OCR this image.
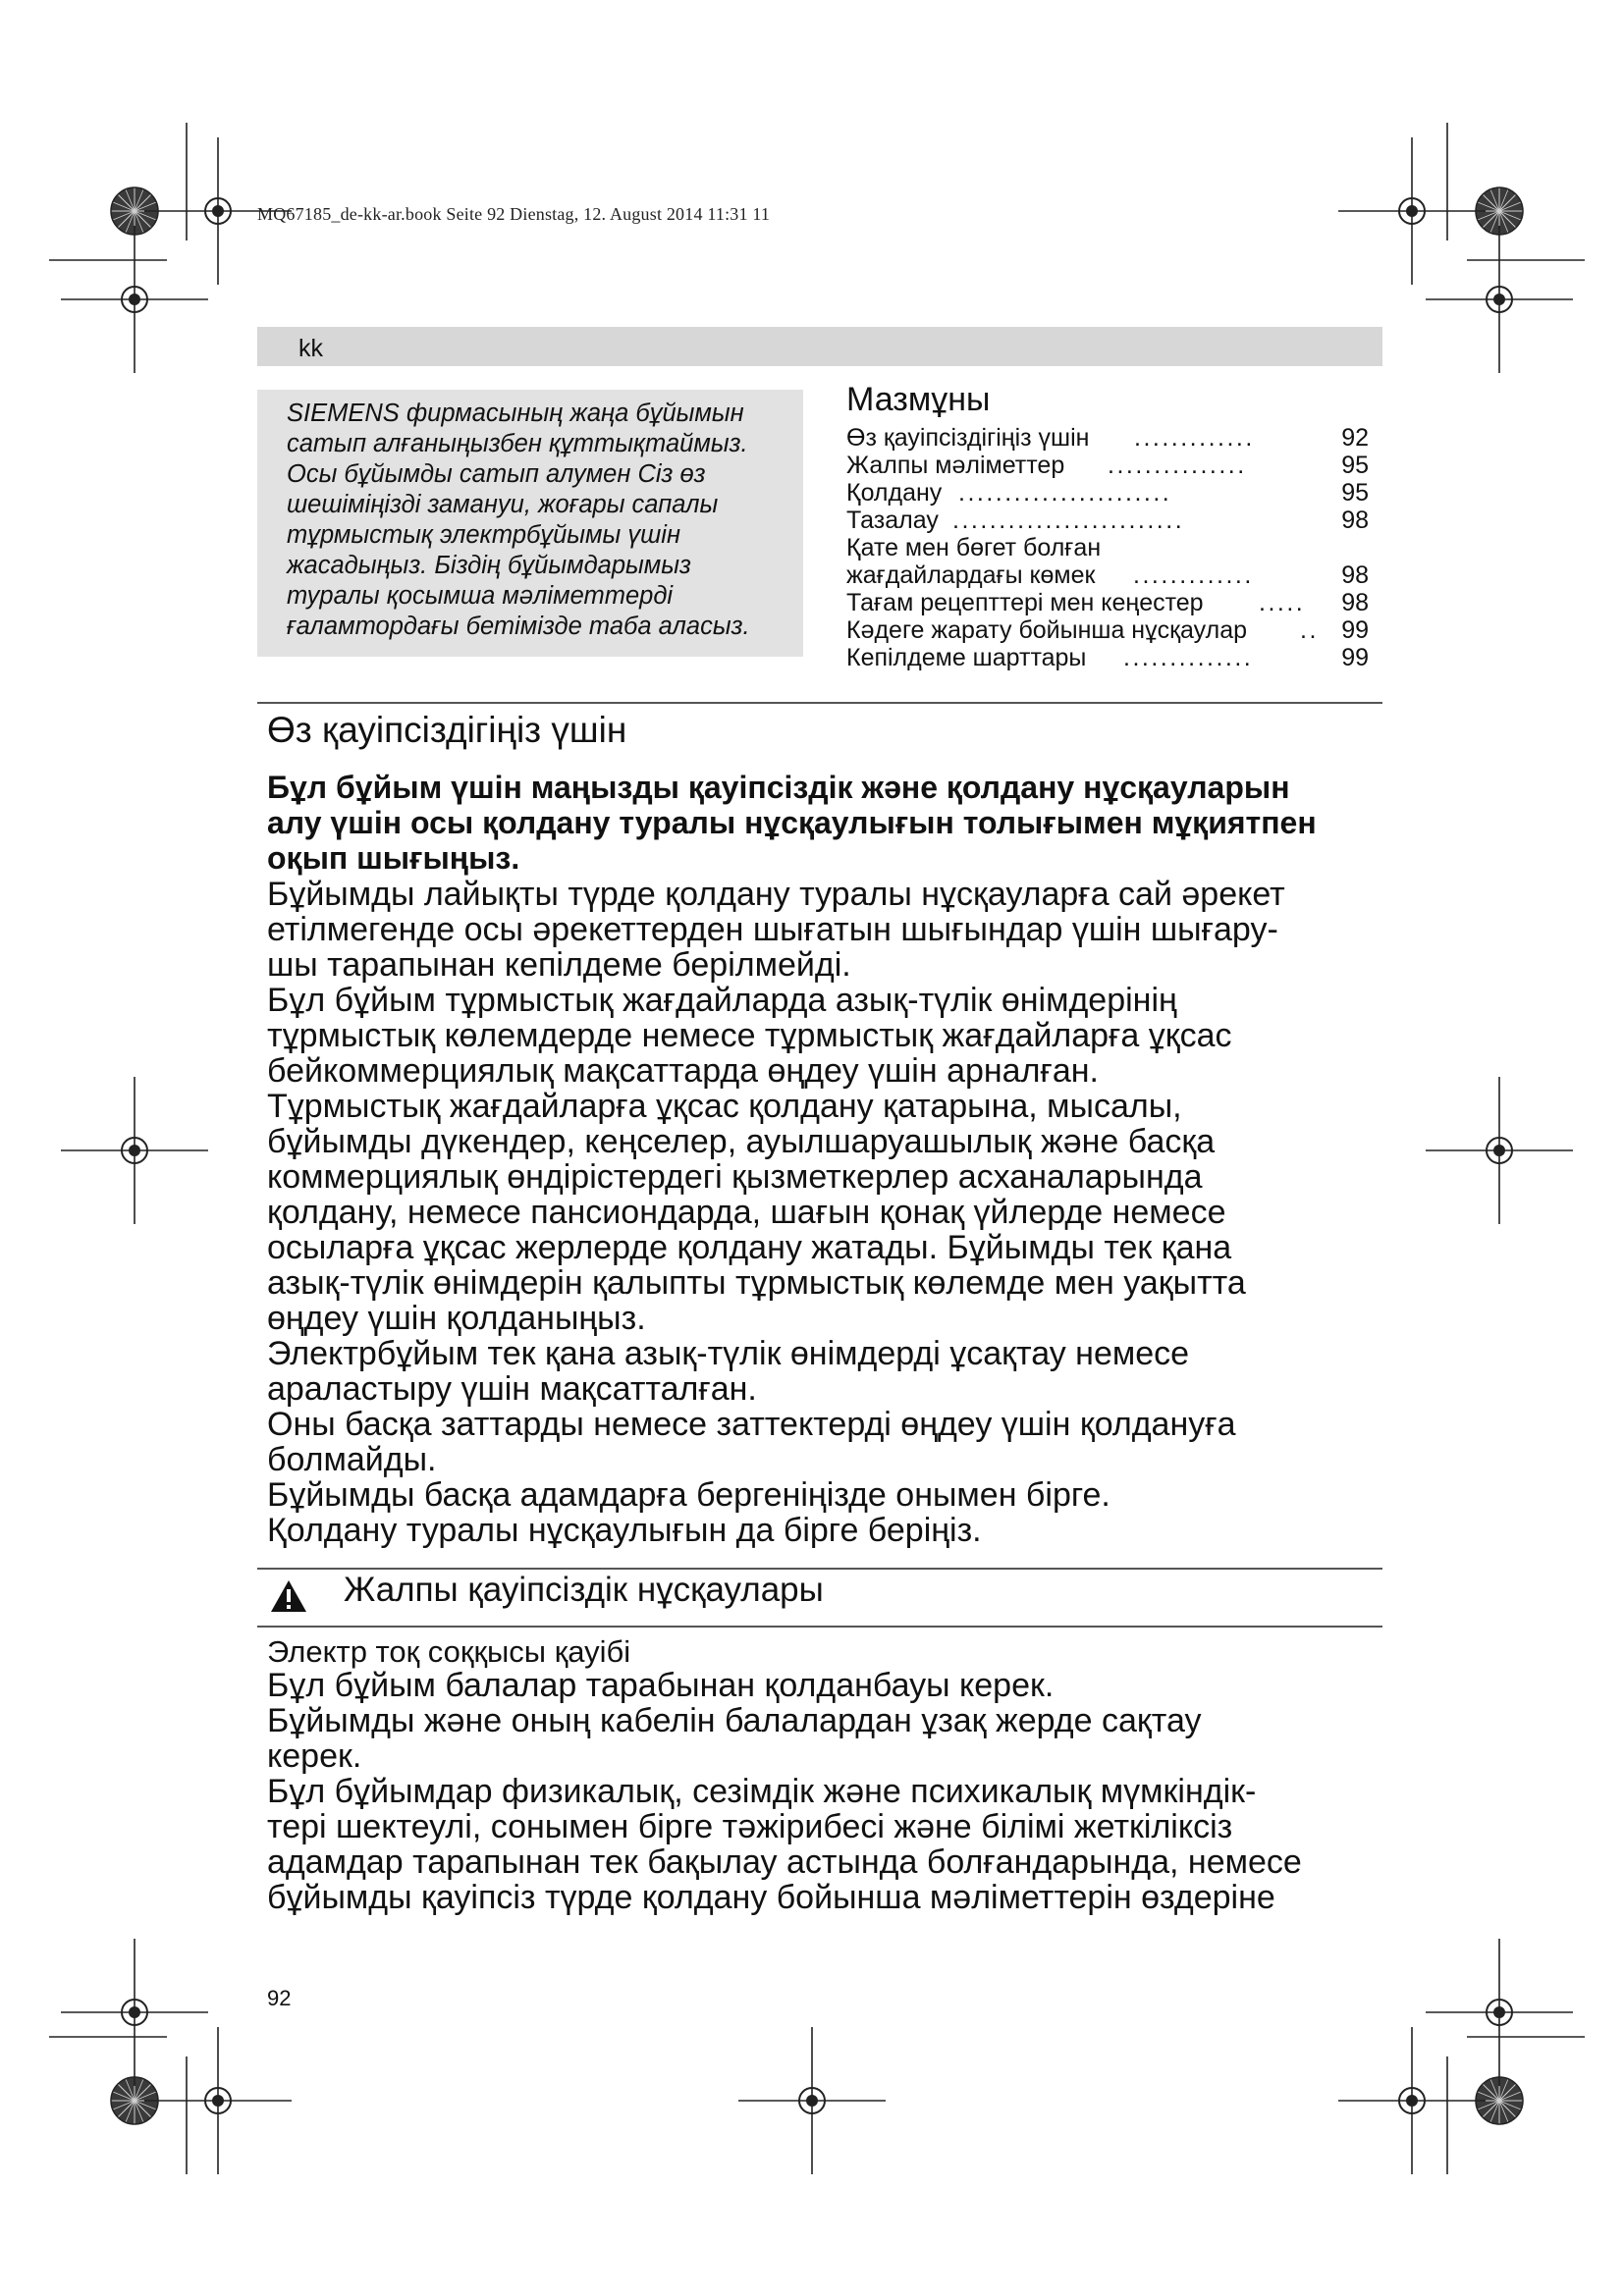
MQ67185_de-kk-ar.book Seite 92 Dienstag, 12. August 2014 11:31 11
kk
SIEMENS фирмасының жаңа бұйымын
сатып алғаныңызбен құттықтаймыз.
Осы бұйымды сатып алумен Сіз өз
шешіміңізді замануи, жоғары сапалы
тұрмыстық электрбұйымы үшін
жасадыңыз. Біздің бұйымдарымыз
туралы қосымша мәліметтерді
ғаламтордағы бетімізде таба аласыз.
Мазмұны
Өз қауіпсіздігіңіз үшін .............	92
Жалпы мәліметтер ...............	95
Қолдану .......................	95
Тазалау .........................	98
Қате мен бөгет болған
жағдайлардағы көмек .............	98
Тағам рецепттері мен кеңестер ..... 98
Кәдеге жарату бойынша нұсқаулар .. 99
Кепілдеме шарттары ..............	99
Өз қауіпсіздігіңіз үшін
Бұл бұйым үшін маңызды қауіпсіздік және қолдану нұсқауларын
алу үшін осы қолдану туралы нұсқаулығын толығымен мұқиятпен
оқып шығыңыз.
Бұйымды лайықты түрде қолдану туралы нұсқауларға сай әрекет
етілмегенде осы әрекеттерден шығатын шығындар үшін шығару-
шы тарапынан кепілдеме берілмейді.
Бұл бұйым тұрмыстық жағдайларда азық-түлік өнімдерінің
тұрмыстық көлемдерде немесе тұрмыстық жағдайларға ұқсас
бейкоммерциялық мақсаттарда өңдеу үшін арналған.
Тұрмыстық жағдайларға ұқсас қолдану қатарына, мысалы,
бұйымды дүкендер, кеңселер, ауылшаруашылық және басқа
коммерциялық өндірістердегі қызметкерлер асханаларында
қолдану, немесе пансиондарда, шағын қонақ үйлерде немесе
осыларға ұқсас жерлерде қолдану жатады. Бұйымды тек қана
азық-түлік өнімдерін қалыпты тұрмыстық көлемде мен уақытта
өңдеу үшін қолданыңыз.
Электрбұйым тек қана азық-түлік өнімдерді ұсақтау немесе
араластыру үшін мақсатталған.
Оны басқа заттарды немесе заттектерді өңдеу үшін қолдануға
болмайды.
Бұйымды басқа адамдарға бергеніңізде онымен бірге.
Қолдану туралы нұсқаулығын да бірге беріңіз.
Жалпы қауіпсіздік нұсқаулары
Электр тоқ соққысы қауібі
Бұл бұйым балалар тарабынан қолданбауы керек.
Бұйымды және оның кабелін балалардан ұзақ жерде сақтау
керек.
Бұл бұйымдар физикалық, сезімдік және психикалық мүмкіндік-
тері шектеулі, сонымен бірге тәжірибесі және білімі жеткіліксіз
адамдар тарапынан тек бақылау астында болғандарында, немесе
бұйымды қауіпсіз түрде қолдану бойынша мәліметтерін өздеріне
92
